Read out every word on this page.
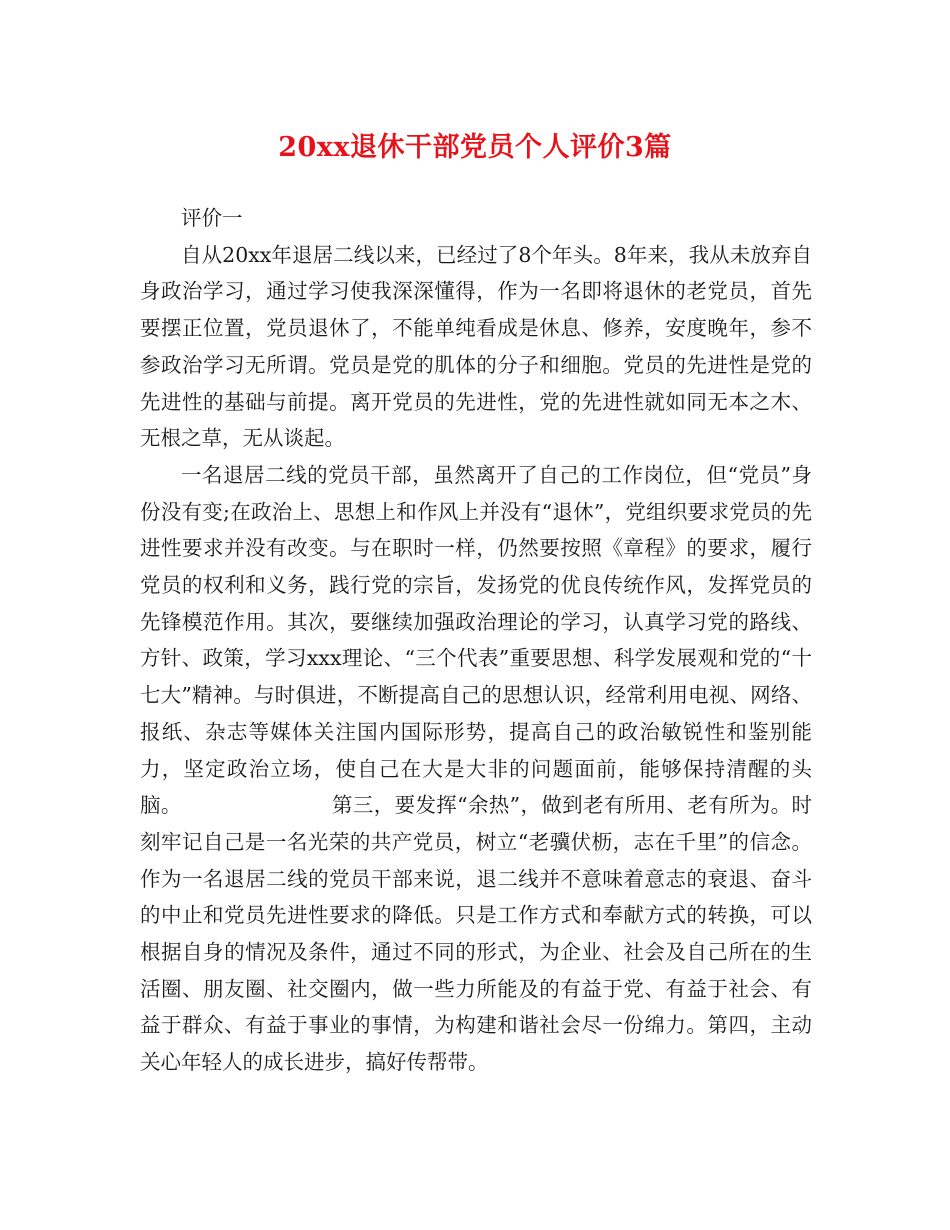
20xx退休干部党员个人评价3篇

评价一

自从20xx年退居二线以来，已经过了8个年头。8年来，我从未放弃自身政治学习，通过学习使我深深懂得，作为一名即将退休的老党员，首先要摆正位置，党员退休了，不能单纯看成是休息、修养，安度晚年，参不参政治学习无所谓。党员是党的肌体的分子和细胞。党员的先进性是党的先进性的基础与前提。离开党员的先进性，党的先进性就如同无本之木、无根之草，无从谈起。

一名退居二线的党员干部，虽然离开了自己的工作岗位，但“党员”身份没有变;在政治上、思想上和作风上并没有“退休”，党组织要求党员的先进性要求并没有改变。与在职时一样，仍然要按照《章程》的要求，履行党员的权利和义务，践行党的宗旨，发扬党的优良传统作风，发挥党员的先锋模范作用。其次，要继续加强政治理论的学习，认真学习党的路线、方针、政策，学习xxx理论、“三个代表”重要思想、科学发展观和党的“十七大”精神。与时俱进，不断提高自己的思想认识，经常利用电视、网络、报纸、杂志等媒体关注国内国际形势，提高自己的政治敏锐性和鉴别能力，坚定政治立场，使自己在大是大非的问题面前，能够保持清醒的头脑。	第三，要发挥“余热”，做到老有所用、老有所为。时刻牢记自己是一名光荣的共产党员，树立“老骥伏枥，志在千里”的信念。作为一名退居二线的党员干部来说，退二线并不意味着意志的衰退、奋斗的中止和党员先进性要求的降低。只是工作方式和奉献方式的转换，可以根据自身的情况及条件，通过不同的形式，为企业、社会及自己所在的生活圈、朋友圈、社交圈内，做一些力所能及的有益于党、有益于社会、有益于群众、有益于事业的事情，为构建和谐社会尽一份绵力。第四，主动关心年轻人的成长进步，搞好传帮带。
